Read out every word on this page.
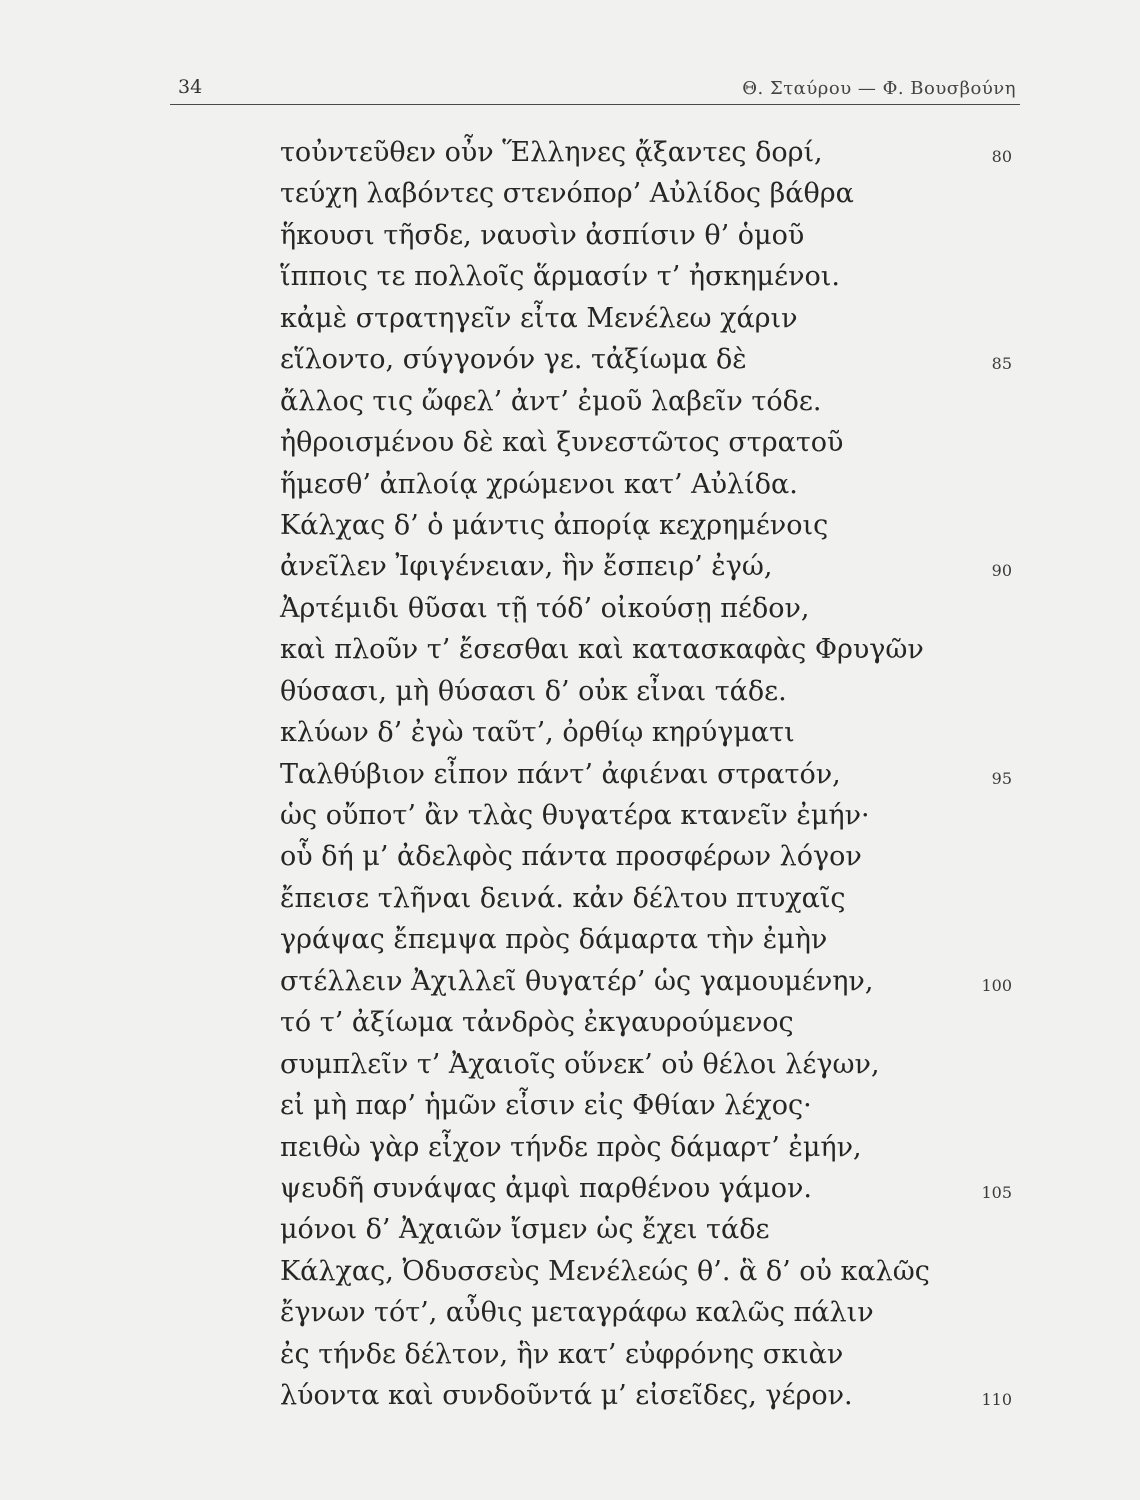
34	Θ. Σταύρου — Φ. Βουσβούνη
τοὐντεῦθεν οὖν Ἕλληνες ᾄξαντες δορί,	80
τεύχη λαβόντες στενόπορ’ Αὐλίδος βάθρα
ἥκουσι τῆσδε, ναυσὶν ἀσπίσιν θ’ ὁμοῦ
ἵπποις τε πολλοῖς ἅρμασίν τ’ ἠσκημένοι.
κἀμὲ στρατηγεῖν εἶτα Μενέλεω χάριν
εἵλοντο, σύγγονόν γε. τἀξίωμα δὲ	85
ἄλλος τις ὤφελ’ ἀντ’ ἐμοῦ λαβεῖν τόδε.
ἠθροισμένου δὲ καὶ ξυνεστῶτος στρατοῦ
ἥμεσθ’ ἀπλοίᾳ χρώμενοι κατ’ Αὐλίδα.
Κάλχας δ’ ὁ μάντις ἀπορίᾳ κεχρημένοις
ἀνεῖλεν Ἰφιγένειαν, ἣν ἔσπειρ’ ἐγώ,	90
Ἀρτέμιδι θῦσαι τῇ τόδ’ οἰκούσῃ πέδον,
καὶ πλοῦν τ’ ἔσεσθαι καὶ κατασκαφὰς Φρυγῶν
θύσασι, μὴ θύσασι δ’ οὐκ εἶναι τάδε.
κλύων δ’ ἐγὼ ταῦτ’, ὀρθίῳ κηρύγματι
Ταλθύβιον εἶπον πάντ’ ἀφιέναι στρατόν,	95
ὡς οὔποτ’ ἂν τλὰς θυγατέρα κτανεῖν ἐμήν·
οὗ δή μ’ ἀδελφὸς πάντα προσφέρων λόγον
ἔπεισε τλῆναι δεινά. κἀν δέλτου πτυχαῖς
γράψας ἔπεμψα πρὸς δάμαρτα τὴν ἐμὴν
στέλλειν Ἀχιλλεῖ θυγατέρ’ ὡς γαμουμένην,	100
τό τ’ ἀξίωμα τἀνδρὸς ἐκγαυρούμενος
συμπλεῖν τ’ Ἀχαιοῖς οὕνεκ’ οὐ θέλοι λέγων,
εἰ μὴ παρ’ ἡμῶν εἶσιν εἰς Φθίαν λέχος·
πειθὼ γὰρ εἶχον τήνδε πρὸς δάμαρτ’ ἐμήν,
ψευδῆ συνάψας ἀμφὶ παρθένου γάμον.	105
μόνοι δ’ Ἀχαιῶν ἴσμεν ὡς ἔχει τάδε
Κάλχας, Ὀδυσσεὺς Μενέλεώς θ’. ἃ δ’ οὐ καλῶς
ἔγνων τότ’, αὖθις μεταγράφω καλῶς πάλιν
ἐς τήνδε δέλτον, ἣν κατ’ εὐφρόνης σκιὰν
λύοντα καὶ συνδοῦντά μ’ εἰσεῖδες, γέρον.	110
